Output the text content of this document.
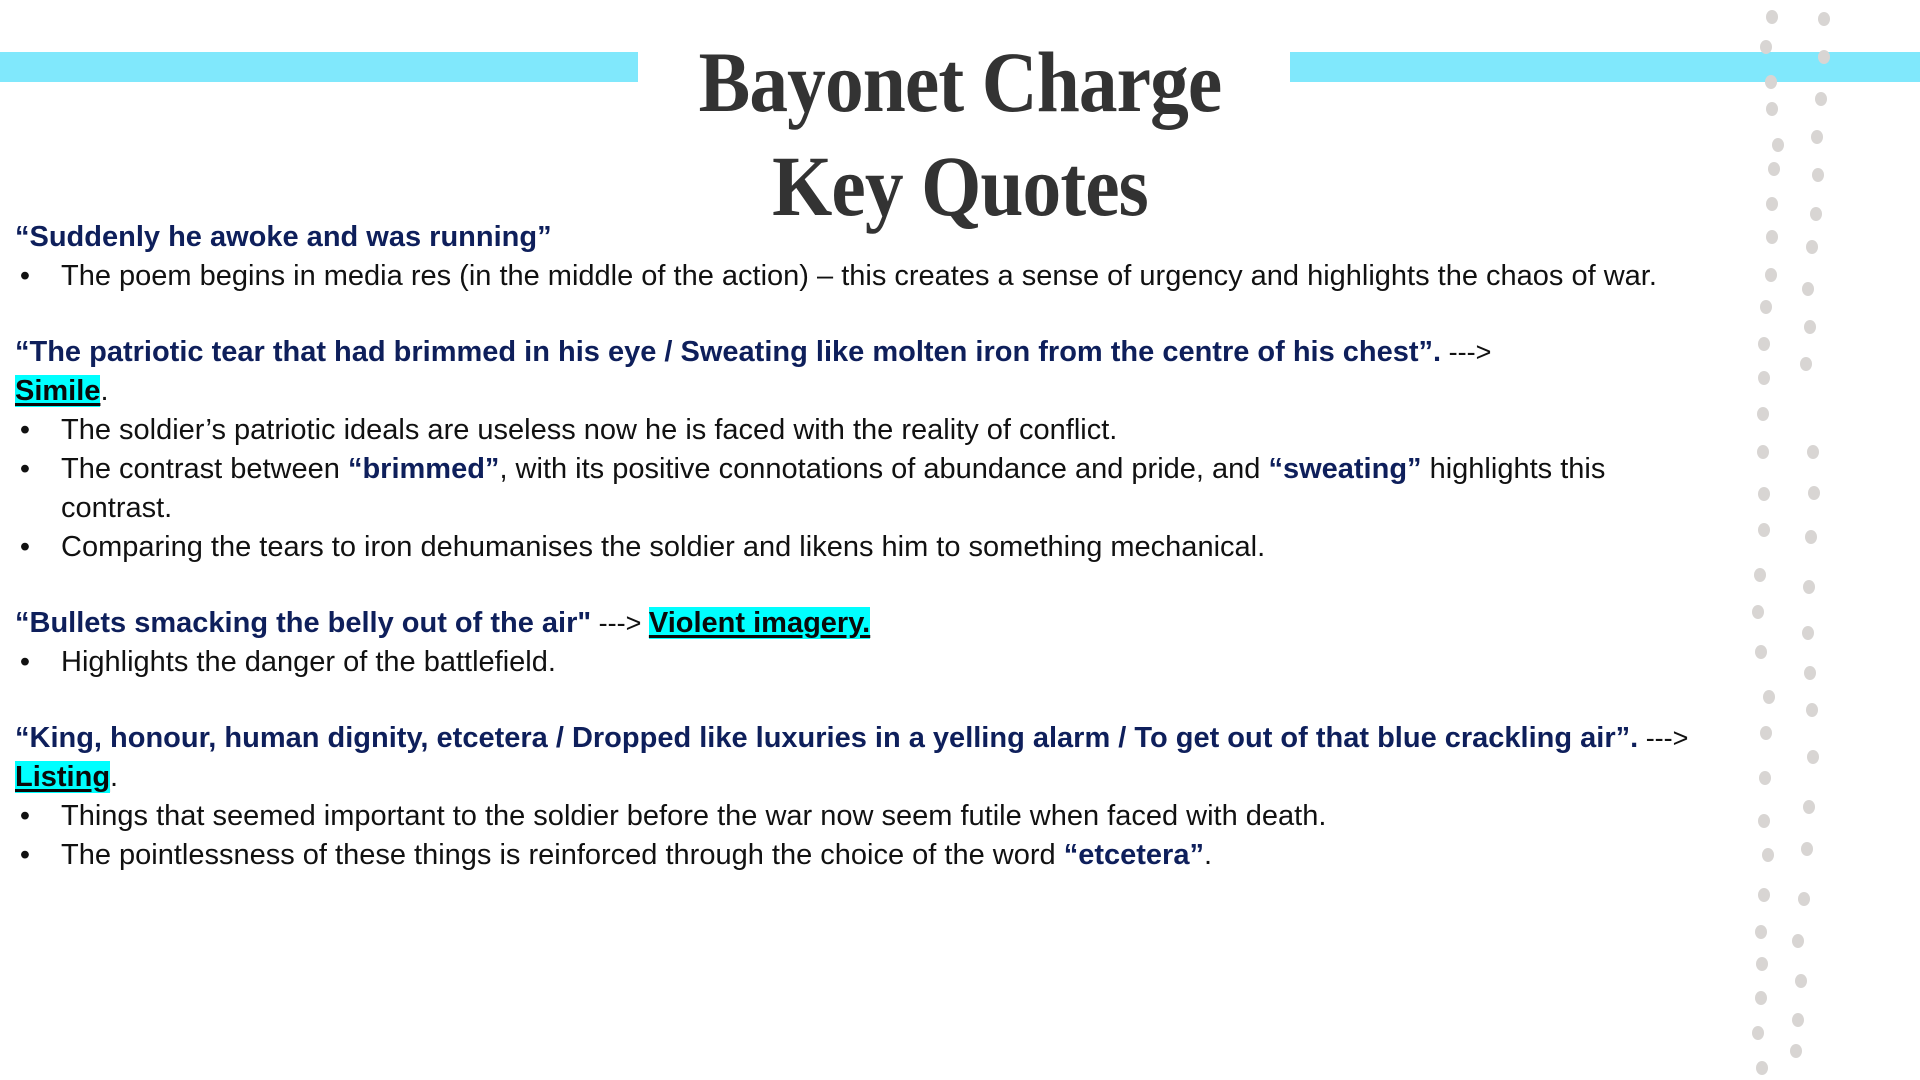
Bayonet Charge
Key Quotes

“Suddenly he awoke and was running”

• The poem begins in media res (in the middle of the action) – this creates a sense of urgency and highlights the chaos of war.

“The patriotic tear that had brimmed in his eye / Sweating like molten iron from the centre of his chest”. --->
Simile.

• The soldier’s patriotic ideals are useless now he is faced with the reality of conflict.
• The contrast between “brimmed”, with its positive connotations of abundance and pride, and “sweating” highlights this contrast.
• Comparing the tears to iron dehumanises the soldier and likens him to something mechanical.

“Bullets smacking the belly out of the air" ---> Violent imagery.

• Highlights the danger of the battlefield.

“King, honour, human dignity, etcetera / Dropped like luxuries in a yelling alarm / To get out of that blue crackling air”. ---> Listing.

• Things that seemed important to the soldier before the war now seem futile when faced with death.
• The pointlessness of these things is reinforced through the choice of the word “etcetera”.
